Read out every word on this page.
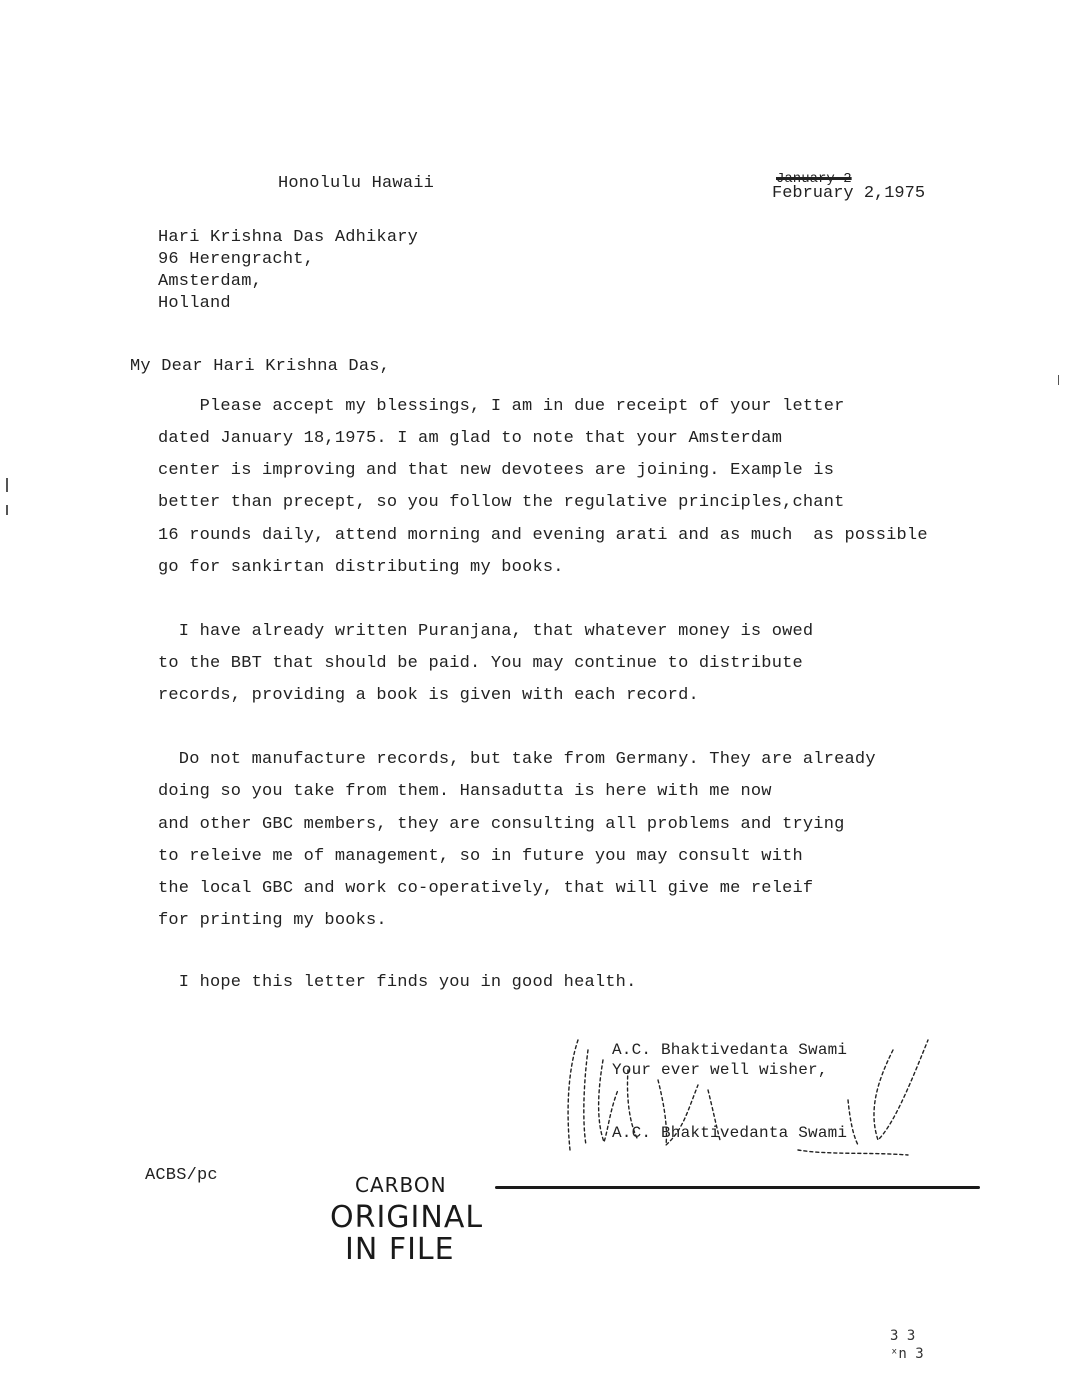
Honolulu Hawaii	January 2
February 2,1975
Hari Krishna Das Adhikary
96 Herengracht,
Amsterdam,
Holland
My Dear Hari Krishna Das,
Please accept my blessings, I am in due receipt of your letter
dated January 18,1975. I am glad to note that your Amsterdam
center is improving and that new devotees are joining. Example is
better than precept, so you follow the regulative principles,chant
16 rounds daily, attend morning and evening arati and as much  as possible
go for sankirtan distributing my books.
I have already written Puranjana, that whatever money is owed
to the BBT that should be paid. You may continue to distribute
records, providing a book is given with each record.
Do not manufacture records, but take from Germany. They are already
doing so you take from them. Hansadutta is here with me now
and other GBC members, they are consulting all problems and trying
to releive me of management, so in future you may consult with
the local GBC and work co-operatively, that will give me releif
for printing my books.
I hope this letter finds you in good health.
A.C. Bhaktivedanta Swami
Your ever well wisher,
A.C. Bhaktivedanta Swami
ACBS/pc	CARBON
ORIGINAL
IN FILE
3 3
ˣn 3
